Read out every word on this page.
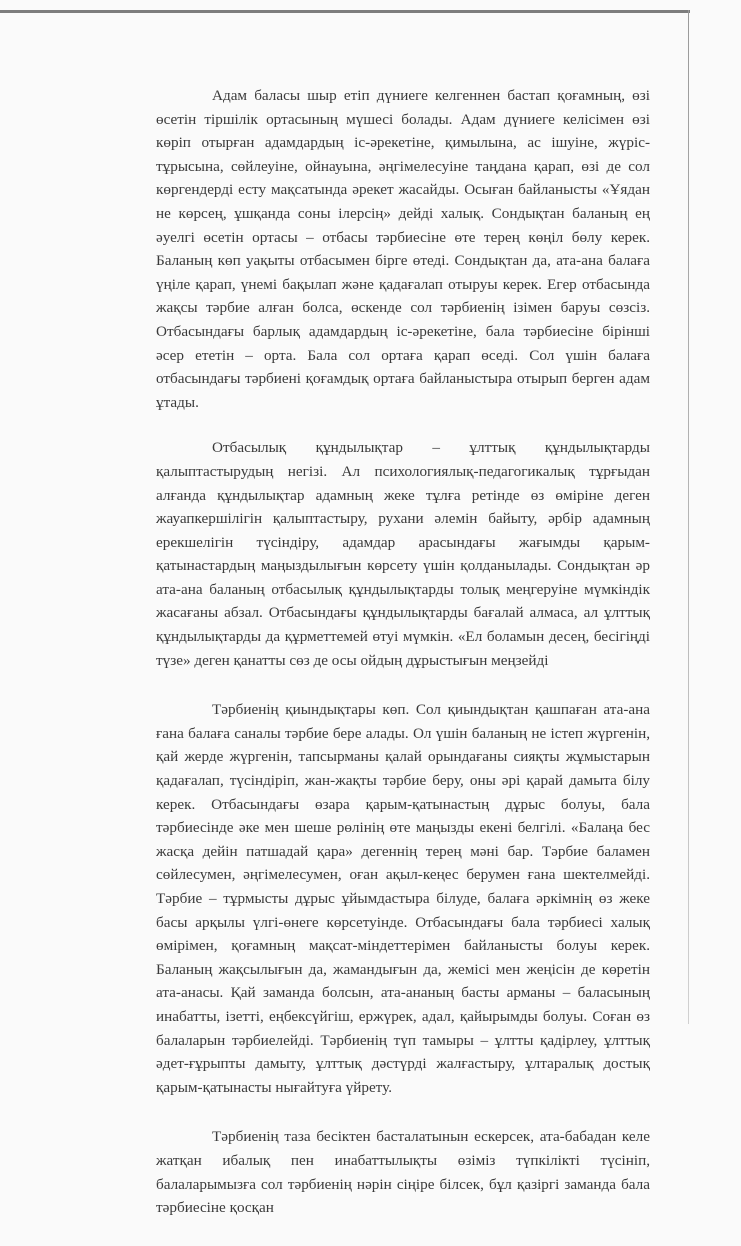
Адам баласы шыр етіп дүниеге келгеннен бастап қоғамның, өзі өсетін тіршілік ортасының мүшесі болады. Адам дүниеге келісімен өзі көріп отырған адамдардың іс-әрекетіне, қимылына, ас ішуіне, жүріс-тұрысына, сөйлеуіне, ойнауына, әңгімелесуіне таңдана қарап, өзі де сол көргендерді есту мақсатында әрекет жасайды. Осыған байланысты «Ұядан не көрсең, ұшқанда соны ілерсің» дейді халық. Сондықтан баланың ең әуелгі өсетін ортасы – отбасы тәрбиесіне өте терең көңіл бөлу керек. Баланың көп уақыты отбасымен бірге өтеді. Сондықтан да, ата-ана балаға үңіле қарап, үнемі бақылап және қадағалап отыруы керек. Егер отбасында жақсы тәрбие алған болса, өскенде сол тәрбиенің ізімен баруы сөзсіз. Отбасындағы барлық адамдардың іс-әрекетіне, бала тәрбиесіне бірінші әсер ететін – орта. Бала сол ортаға қарап өседі. Сол үшін балаға отбасындағы тәрбиені қоғамдық ортаға байланыстыра отырып берген адам ұтады.

Отбасылық құндылықтар – ұлттық құндылықтарды қалыптастырудың негізі. Ал психологиялық-педагогикалық тұрғыдан алғанда құндылықтар адамның жеке тұлға ретінде өз өміріне деген жауапкершілігін қалыптастыру, рухани әлемін байыту, әрбір адамның ерекшелігін түсіндіру, адамдар арасындағы жағымды қарым-қатынастардың маңыздылығын көрсету үшін қолданылады. Сондықтан әр ата-ана баланың отбасылық құндылықтарды толық меңгеруіне мүмкіндік жасағаны абзал. Отбасындағы құндылықтарды бағалай алмаса, ал ұлттық құндылықтарды да құрметтемей өтуі мүмкін. «Ел боламын десең, бесігіңді түзе» деген қанатты сөз де осы ойдың дұрыстығын меңзейді

Тәрбиенің қиындықтары көп. Сол қиындықтан қашпаған ата-ана ғана балаға саналы тәрбие бере алады. Ол үшін баланың не істеп жүргенін, қай жерде жүргенін, тапсырманы қалай орындағаны сияқты жұмыстарын қадағалап, түсіндіріп, жан-жақты тәрбие беру, оны әрі қарай дамыта білу керек. Отбасындағы өзара қарым-қатынастың дұрыс болуы, бала тәрбиесінде әке мен шеше рөлінің өте маңызды екені белгілі. «Балаңа бес жасқа дейін патшадай қара» дегеннің терең мәні бар. Тәрбие баламен сөйлесумен, әңгімелесумен, оған ақыл-кеңес берумен ғана шектелмейді. Тәрбие – тұрмысты дұрыс ұйымдастыра білуде, балаға әркімнің өз жеке басы арқылы үлгі-өнеге көрсетуінде. Отбасындағы бала тәрбиесі халық өмірімен, қоғамның мақсат-міндеттерімен байланысты болуы керек. Баланың жақсылығын да, жамандығын да, жемісі мен жеңісін де көретін ата-анасы. Қай заманда болсын, ата-ананың басты арманы – баласының инабатты, ізетті, еңбексүйгіш, ержүрек, адал, қайырымды болуы. Соған өз балаларын тәрбиелейді. Тәрбиенің түп тамыры – ұлтты қадірлеу, ұлттық әдет-ғұрыпты дамыту, ұлттық дәстүрді жалғастыру, ұлтаралық достық қарым-қатынасты нығайтуға үйрету.

Тәрбиенің таза бесіктен басталатынын ескерсек, ата-бабадан келе жатқан ибалық пен инабаттылықты өзіміз түпкілікті түсініп, балаларымызға сол тәрбиенің нәрін сіңіре білсек, бұл қазіргі заманда бала тәрбиесіне қосқан
